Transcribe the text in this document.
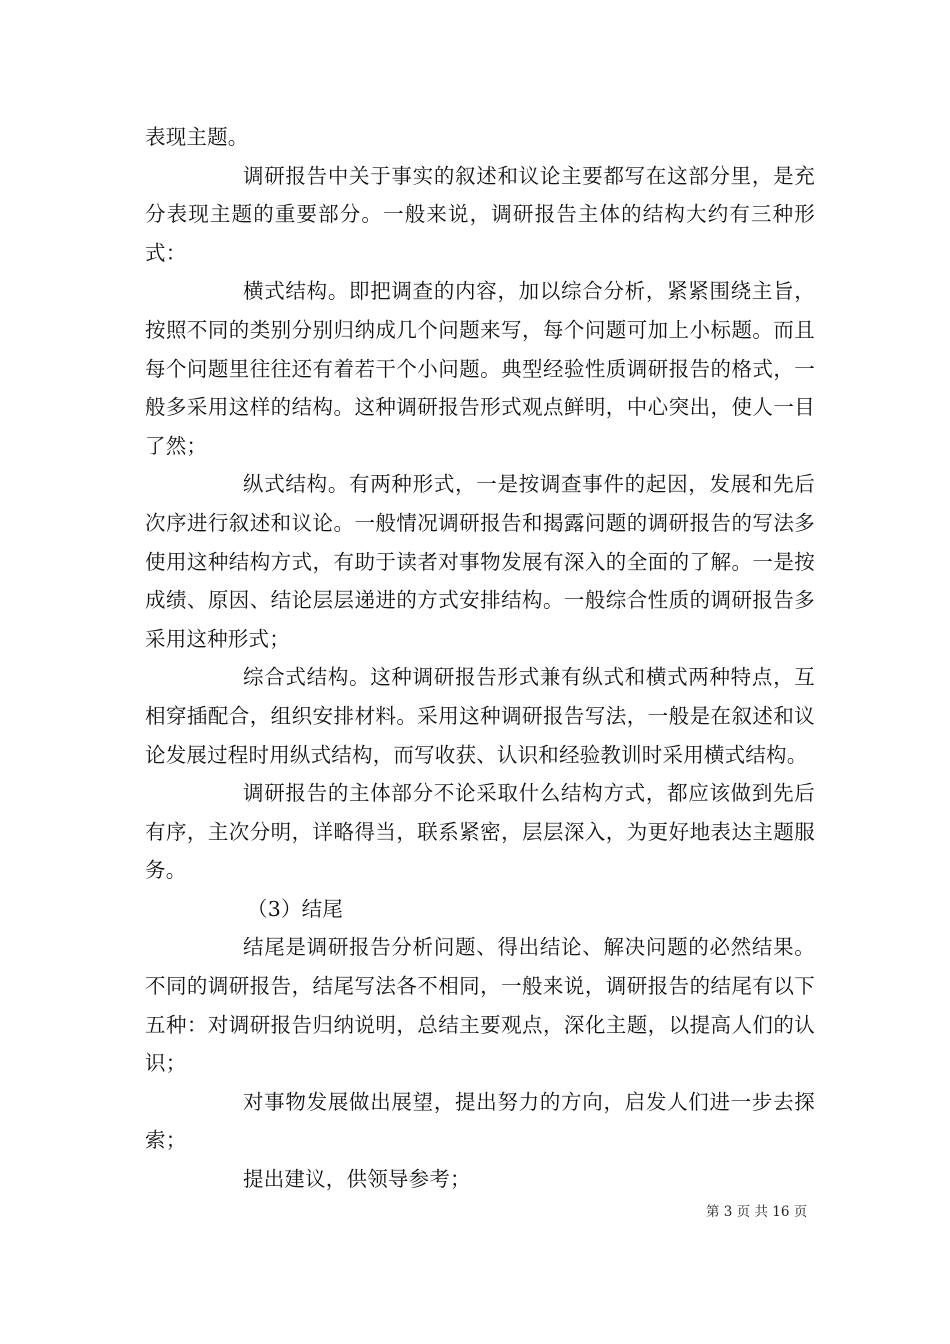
表现主题。

调研报告中关于事实的叙述和议论主要都写在这部分里，是充分表现主题的重要部分。一般来说，调研报告主体的结构大约有三种形式：

横式结构。即把调查的内容，加以综合分析，紧紧围绕主旨，按照不同的类别分别归纳成几个问题来写，每个问题可加上小标题。而且每个问题里往往还有着若干个小问题。典型经验性质调研报告的格式，一般多采用这样的结构。这种调研报告形式观点鲜明，中心突出，使人一目了然；

纵式结构。有两种形式，一是按调查事件的起因，发展和先后次序进行叙述和议论。一般情况调研报告和揭露问题的调研报告的写法多使用这种结构方式，有助于读者对事物发展有深入的全面的了解。一是按成绩、原因、结论层层递进的方式安排结构。一般综合性质的调研报告多采用这种形式；

综合式结构。这种调研报告形式兼有纵式和横式两种特点，互相穿插配合，组织安排材料。采用这种调研报告写法，一般是在叙述和议论发展过程时用纵式结构，而写收获、认识和经验教训时采用横式结构。

调研报告的主体部分不论采取什么结构方式，都应该做到先后有序，主次分明，详略得当，联系紧密，层层深入，为更好地表达主题服务。

（3）结尾

结尾是调研报告分析问题、得出结论、解决问题的必然结果。不同的调研报告，结尾写法各不相同，一般来说，调研报告的结尾有以下五种：对调研报告归纳说明，总结主要观点，深化主题，以提高人们的认识；

对事物发展做出展望，提出努力的方向，启发人们进一步去探索；

提出建议，供领导参考；

第 3 页 共 16 页
